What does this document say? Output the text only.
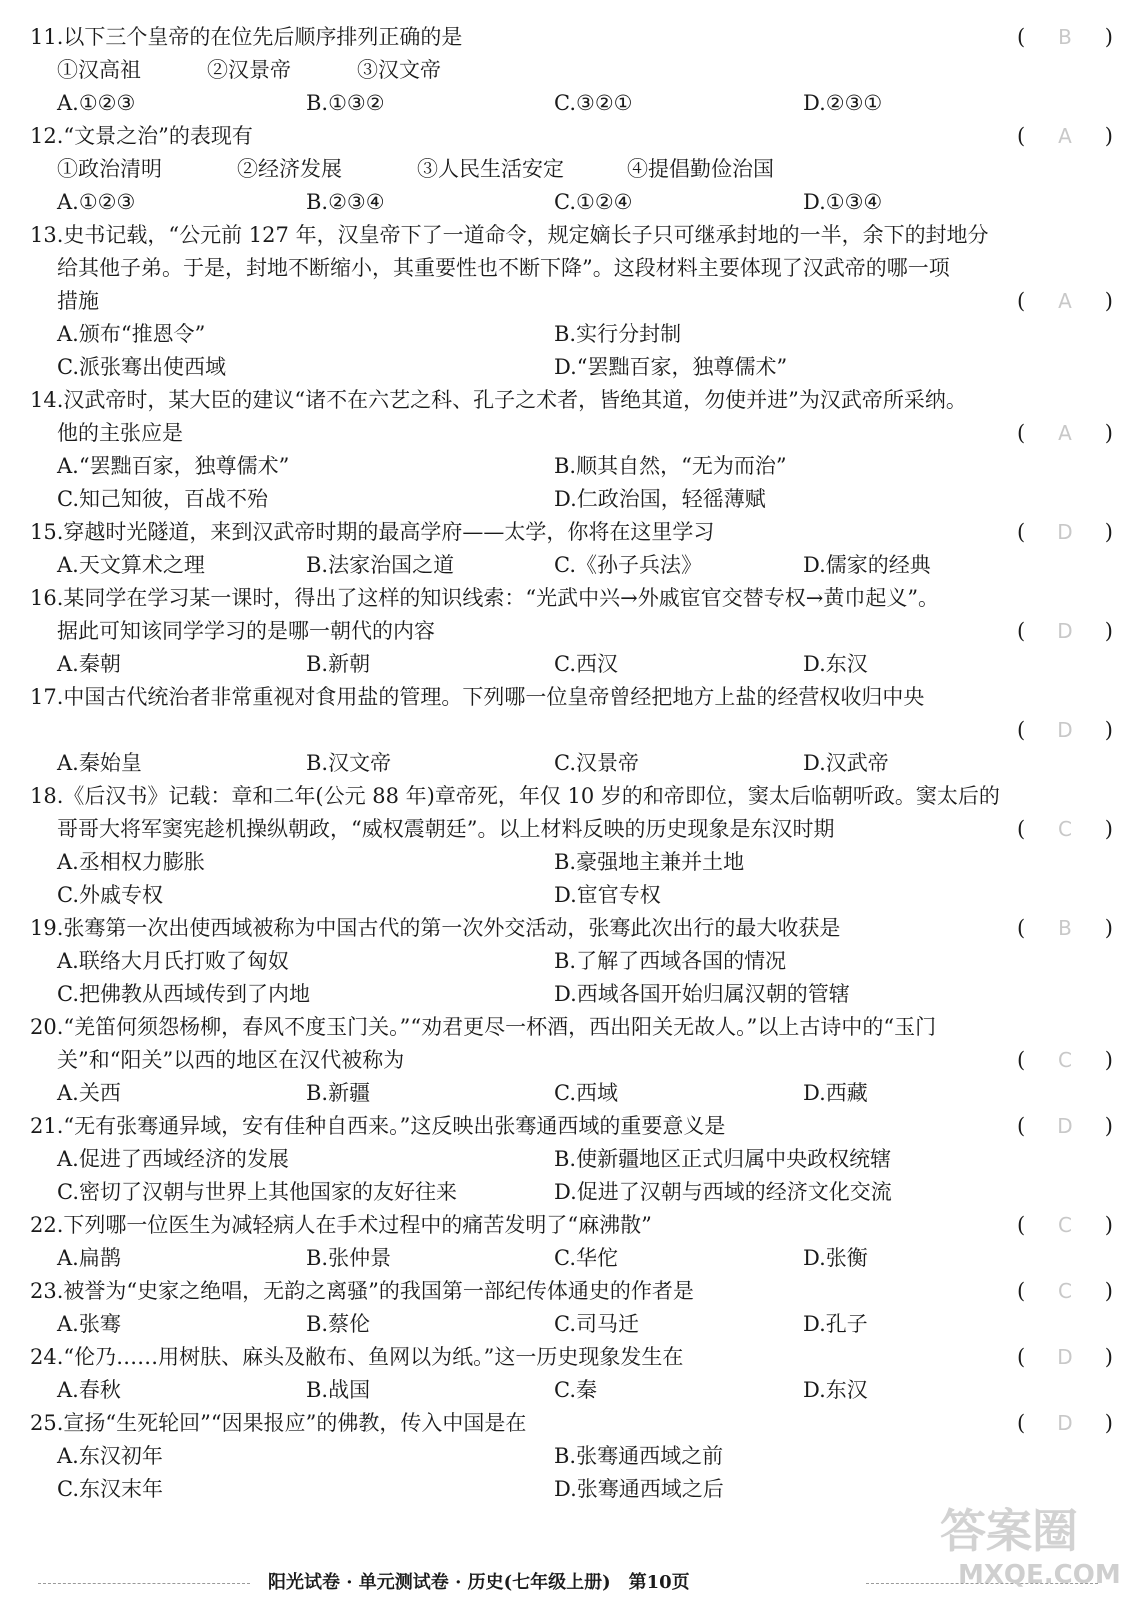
11.以下三个皇帝的在位先后顺序排列正确的是	(	B	)
①汉高祖	②汉景帝	③汉文帝
A.①②③	B.①③②	C.③②①	D.②③①
12.“文景之治”的表现有	(	A	)
①政治清明	②经济发展	③人民生活安定	④提倡勤俭治国
A.①②③	B.②③④	C.①②④	D.①③④
13.史书记载，“公元前 127 年，汉皇帝下了一道命令，规定嫡长子只可继承封地的一半，余下的封地分
给其他子弟。于是，封地不断缩小，其重要性也不断下降”。这段材料主要体现了汉武帝的哪一项
措施	(	A	)
A.颁布“推恩令”	B.实行分封制
C.派张骞出使西域	D.“罢黜百家，独尊儒术”
14.汉武帝时，某大臣的建议“诸不在六艺之科、孔子之术者，皆绝其道，勿使并进”为汉武帝所采纳。
他的主张应是	(	A	)
A.“罢黜百家，独尊儒术”	B.顺其自然，“无为而治”
C.知己知彼，百战不殆	D.仁政治国，轻徭薄赋
15.穿越时光隧道，来到汉武帝时期的最高学府——太学，你将在这里学习	(	D	)
A.天文算术之理	B.法家治国之道	C.《孙子兵法》	D.儒家的经典
16.某同学在学习某一课时，得出了这样的知识线索：“光武中兴→外戚宦官交替专权→黄巾起义”。
据此可知该同学学习的是哪一朝代的内容	(	D	)
A.秦朝	B.新朝	C.西汉	D.东汉
17.中国古代统治者非常重视对食用盐的管理。下列哪一位皇帝曾经把地方上盐的经营权收归中央
(	D	)
A.秦始皇	B.汉文帝	C.汉景帝	D.汉武帝
18.《后汉书》记载：章和二年(公元 88 年)章帝死，年仅 10 岁的和帝即位，窦太后临朝听政。窦太后的
哥哥大将军窦宪趁机操纵朝政，“威权震朝廷”。以上材料反映的历史现象是东汉时期	(	C	)
A.丞相权力膨胀	B.豪强地主兼并土地
C.外戚专权	D.宦官专权
19.张骞第一次出使西域被称为中国古代的第一次外交活动，张骞此次出行的最大收获是	(	B	)
A.联络大月氏打败了匈奴	B.了解了西域各国的情况
C.把佛教从西域传到了内地	D.西域各国开始归属汉朝的管辖
20.“羌笛何须怨杨柳，春风不度玉门关。”“劝君更尽一杯酒，西出阳关无故人。”以上古诗中的“玉门
关”和“阳关”以西的地区在汉代被称为	(	C	)
A.关西	B.新疆	C.西域	D.西藏
21.“无有张骞通异域，安有佳种自西来。”这反映出张骞通西域的重要意义是	(	D	)
A.促进了西域经济的发展	B.使新疆地区正式归属中央政权统辖
C.密切了汉朝与世界上其他国家的友好往来	D.促进了汉朝与西域的经济文化交流
22.下列哪一位医生为减轻病人在手术过程中的痛苦发明了“麻沸散”	(	C	)
A.扁鹊	B.张仲景	C.华佗	D.张衡
23.被誉为“史家之绝唱，无韵之离骚”的我国第一部纪传体通史的作者是	(	C	)
A.张骞	B.蔡伦	C.司马迁	D.孔子
24.“伦乃……用树肤、麻头及敝布、鱼网以为纸。”这一历史现象发生在	(	D	)
A.春秋	B.战国	C.秦	D.东汉
25.宣扬“生死轮回”“因果报应”的佛教，传入中国是在	(	D	)
A.东汉初年	B.张骞通西域之前
C.东汉末年	D.张骞通西域之后
阳光试卷 · 单元测试卷 · 历史(七年级上册)　第10页
答案圈
MXQE.COM
